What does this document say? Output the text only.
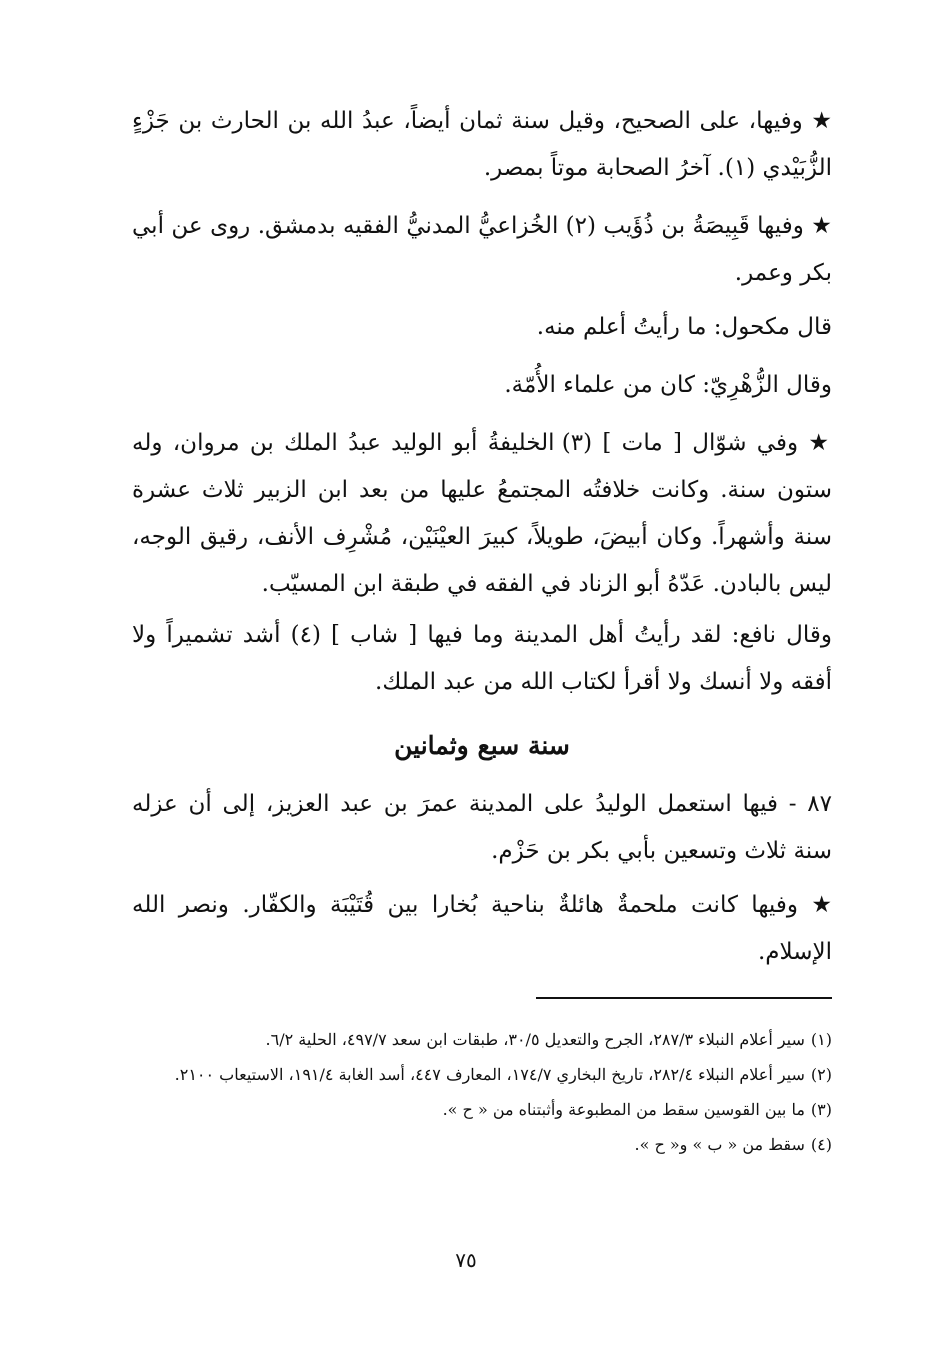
★ وفيها، على الصحيح، وقيل سنة ثمان أيضاً، عبدُ الله بن الحارث بن جَزْءٍ الزُّبَيْدي (١). آخرُ الصحابة موتاً بمصر.

★ وفيها قَبِيصَةُ بن ذُؤَيب (٢) الخُزاعيُّ المدنيُّ الفقيه بدمشق. روى عن أبي بكر وعمر.

قال مكحول: ما رأيتُ أعلم منه.

وقال الزُّهْرِيّ: كان من علماء الأُمّة.

★ وفي شوّال [ مات ] (٣) الخليفةُ أبو الوليد عبدُ الملك بن مروان، وله ستون سنة. وكانت خلافتُه المجتمعُ عليها من بعد ابن الزبير ثلاث عشرة سنة وأشهراً. وكان أبيضَ، طويلاً، كبيرَ العيْنَيْن، مُشْرِف الأنف، رقيق الوجه، ليس بالبادن. عَدّهُ أبو الزناد في الفقه في طبقة ابن المسيّب.

وقال نافع: لقد رأيتُ أهل المدينة وما فيها [ شاب ] (٤) أشد تشميراً ولا أفقه ولا أنسك ولا أقرأ لكتاب الله من عبد الملك.

سنة سبع وثمانين

٨٧ - فيها استعمل الوليدُ على المدينة عمرَ بن عبد العزيز، إلى أن عزله سنة ثلاث وتسعين بأبي بكر بن حَزْم.

★ وفيها كانت ملحمةٌ هائلةٌ بناحية بُخارا بين قُتَيْبَة والكفّار. ونصر الله الإسلام.

(١)سير أعلام النبلاء ٢٨٧/٣، الجرح والتعديل ٣٠/٥، طبقات ابن سعد ٤٩٧/٧، الحلية ٦/٢.

(٢)سير أعلام النبلاء ٢٨٢/٤، تاريخ البخاري ١٧٤/٧، المعارف ٤٤٧، أسد الغابة ١٩١/٤، الاستيعاب ٢١٠٠.

(٣)ما بين القوسين سقط من المطبوعة وأثبتناه من « ح ».

(٤)سقط من « ب » و« ح ».

٧٥
